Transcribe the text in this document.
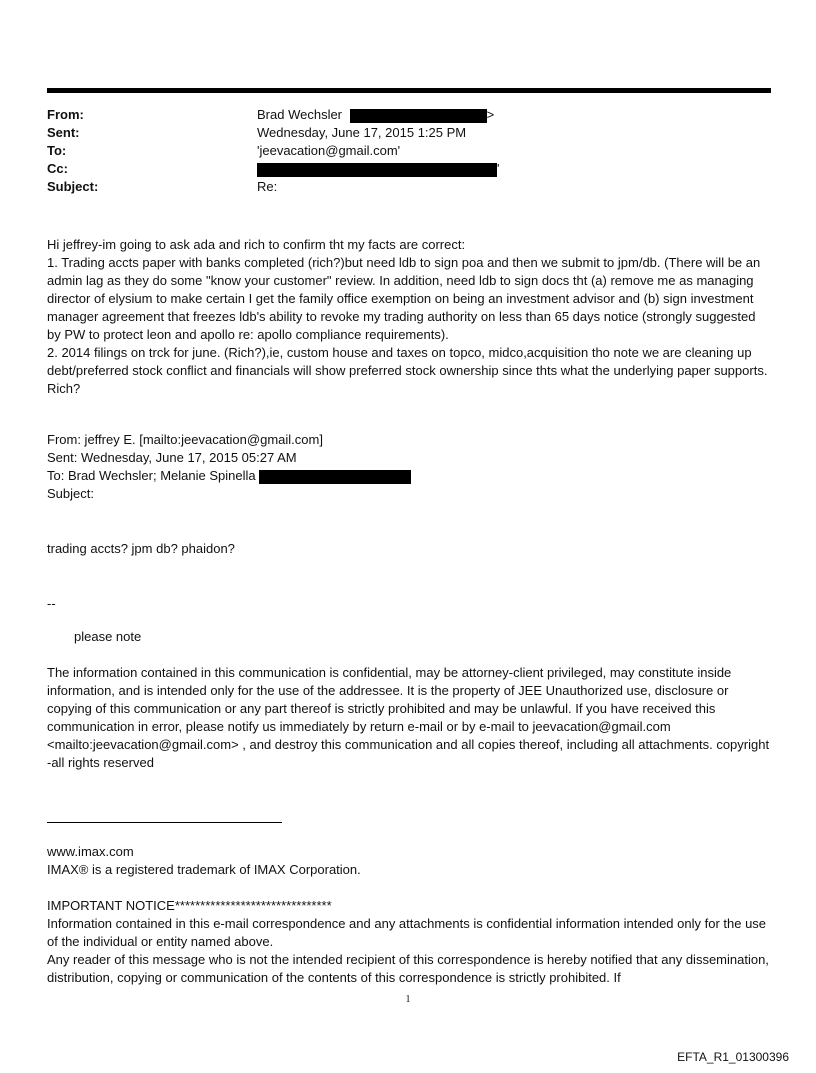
From:	Brad Wechsler	>
Sent:	Wednesday, June 17, 2015 1:25 PM
To:	'jeevacation@gmail.com'
Cc:	'
Subject:	Re:

Hi jeffrey-im going to ask ada and rich to confirm tht my facts are correct:

1. Trading accts paper with banks completed (rich?)but need ldb to sign poa and then we submit to jpm/db. (There will be an admin lag as they do some "know your customer" review. In addition, need ldb to sign docs tht (a) remove me as managing director of elysium to make certain I get the family office exemption on being an investment advisor and (b) sign investment manager agreement that freezes ldb's ability to revoke my trading authority on less than 65 days notice (strongly suggested by PW to protect leon and apollo re: apollo compliance requirements).

2. 2014 filings on trck for june. (Rich?),ie, custom house and taxes on topco, midco,acquisition tho note we are cleaning up debt/preferred stock conflict and financials will show preferred stock ownership since thts what the underlying paper supports. Rich?

From: jeffrey E. [mailto:jeevacation@gmail.com]

Sent: Wednesday, June 17, 2015 05:27 AM

To: Brad Wechsler; Melanie Spinella

Subject:

trading accts? jpm db? phaidon?
--
please note
The information contained in this communication is confidential, may be attorney-client privileged, may constitute inside information, and is intended only for the use of the addressee. It is the property of JEE Unauthorized use, disclosure or copying of this communication or any part thereof is strictly prohibited and may be unlawful. If you have received this communication in error, please notify us immediately by return e-mail or by e-mail to jeevacation@gmail.com <mailto:jeevacation@gmail.com> , and destroy this communication and all copies thereof, including all attachments. copyright -all rights reserved

www.imax.com

IMAX® is a registered trademark of IMAX Corporation.

IMPORTANT NOTICE*******************************

Information contained in this e-mail correspondence and any attachments is confidential information intended only for the use of the individual or entity named above.

Any reader of this message who is not the intended recipient of this correspondence is hereby notified that any dissemination, distribution, copying or communication of the contents of this correspondence is strictly prohibited. If

1
EFTA_R1_01300396
